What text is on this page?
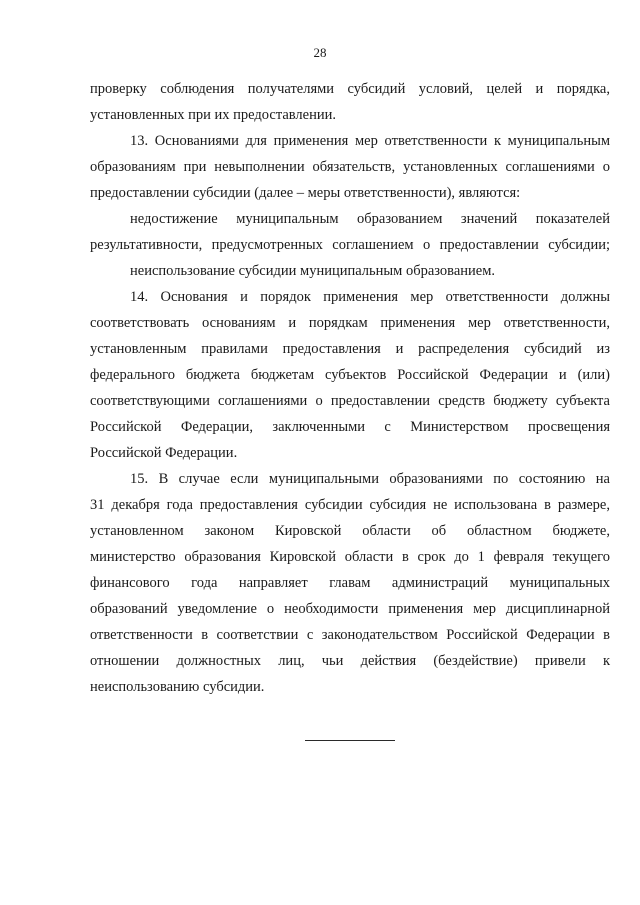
28
проверку соблюдения получателями субсидий условий, целей и порядка,
установленных при их предоставлении.
13. Основаниями для применения мер ответственности к муниципальным
образованиям при невыполнении обязательств, установленных соглашениями о
предоставлении субсидии (далее – меры ответственности), являются:
недостижение муниципальным образованием значений показателей
результативности, предусмотренных соглашением о предоставлении субсидии;
неиспользование субсидии муниципальным образованием.
14. Основания и порядок применения мер ответственности должны
соответствовать основаниям и порядкам применения мер ответственности,
установленным правилами предоставления и распределения субсидий из
федерального бюджета бюджетам субъектов Российской Федерации и (или)
соответствующими соглашениями о предоставлении средств бюджету субъекта
Российской Федерации, заключенными с Министерством просвещения
Российской Федерации.
15. В случае если муниципальными образованиями по состоянию на
31 декабря года предоставления субсидии субсидия не использована в размере,
установленном законом Кировской области об областном бюджете,
министерство образования Кировской области в срок до 1 февраля текущего
финансового года направляет главам администраций муниципальных
образований уведомление о необходимости применения мер дисциплинарной
ответственности в соответствии с законодательством Российской Федерации в
отношении должностных лиц, чьи действия (бездействие) привели к
неиспользованию субсидии.
